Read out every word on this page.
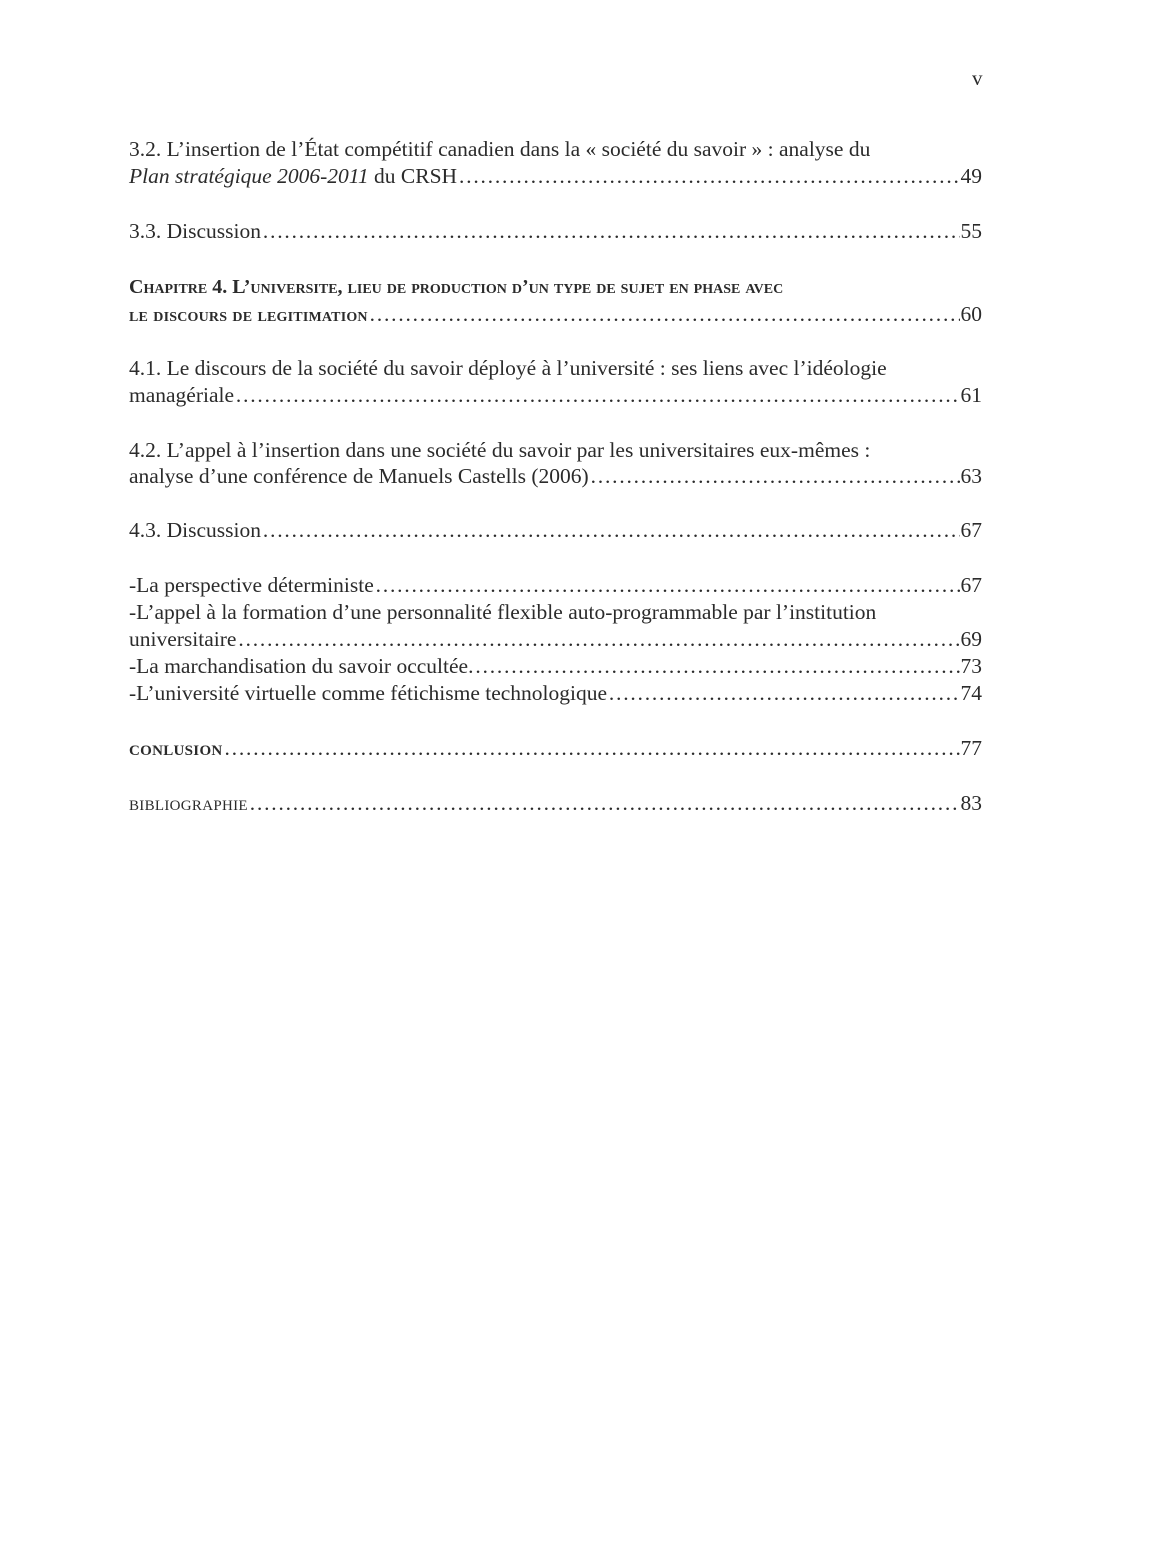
v
3.2. L’insertion de l’État compétitif canadien dans la « société du savoir » : analyse du
Plan stratégique 2006-2011 du CRSH ……………………………………………………………………………………………………………………………………………………………………	49
3.3. Discussion ……………………………………………………………………………………………………………………………………………………………………	55
Chapitre 4. L’universite, lieu de production d’un type de sujet en phase avec
le discours de legitimation ……………………………………………………………………………………………………………………………………………………………………	60
4.1. Le discours de la société du savoir déployé à l’université : ses liens avec l’idéologie
managériale ……………………………………………………………………………………………………………………………………………………………………	61
4.2. L’appel à l’insertion dans une société du savoir par les universitaires eux-mêmes :
analyse d’une conférence de Manuels Castells (2006) ……………………………………………………………………………………………………………………………………………………………………	63
4.3. Discussion ……………………………………………………………………………………………………………………………………………………………………	67
-La perspective déterministe ……………………………………………………………………………………………………………………………………………………………………	67
-L’appel à la formation d’une personnalité flexible auto-programmable par l’institution
universitaire ……………………………………………………………………………………………………………………………………………………………………	69
-La marchandisation du savoir occultée. ……………………………………………………………………………………………………………………………………………………………………	73
-L’université virtuelle comme fétichisme technologique ……………………………………………………………………………………………………………………………………………………………………	74
CONLUSION ……………………………………………………………………………………………………………………………………………………………………	77
BIBLIOGRAPHIE ……………………………………………………………………………………………………………………………………………………………………	83
